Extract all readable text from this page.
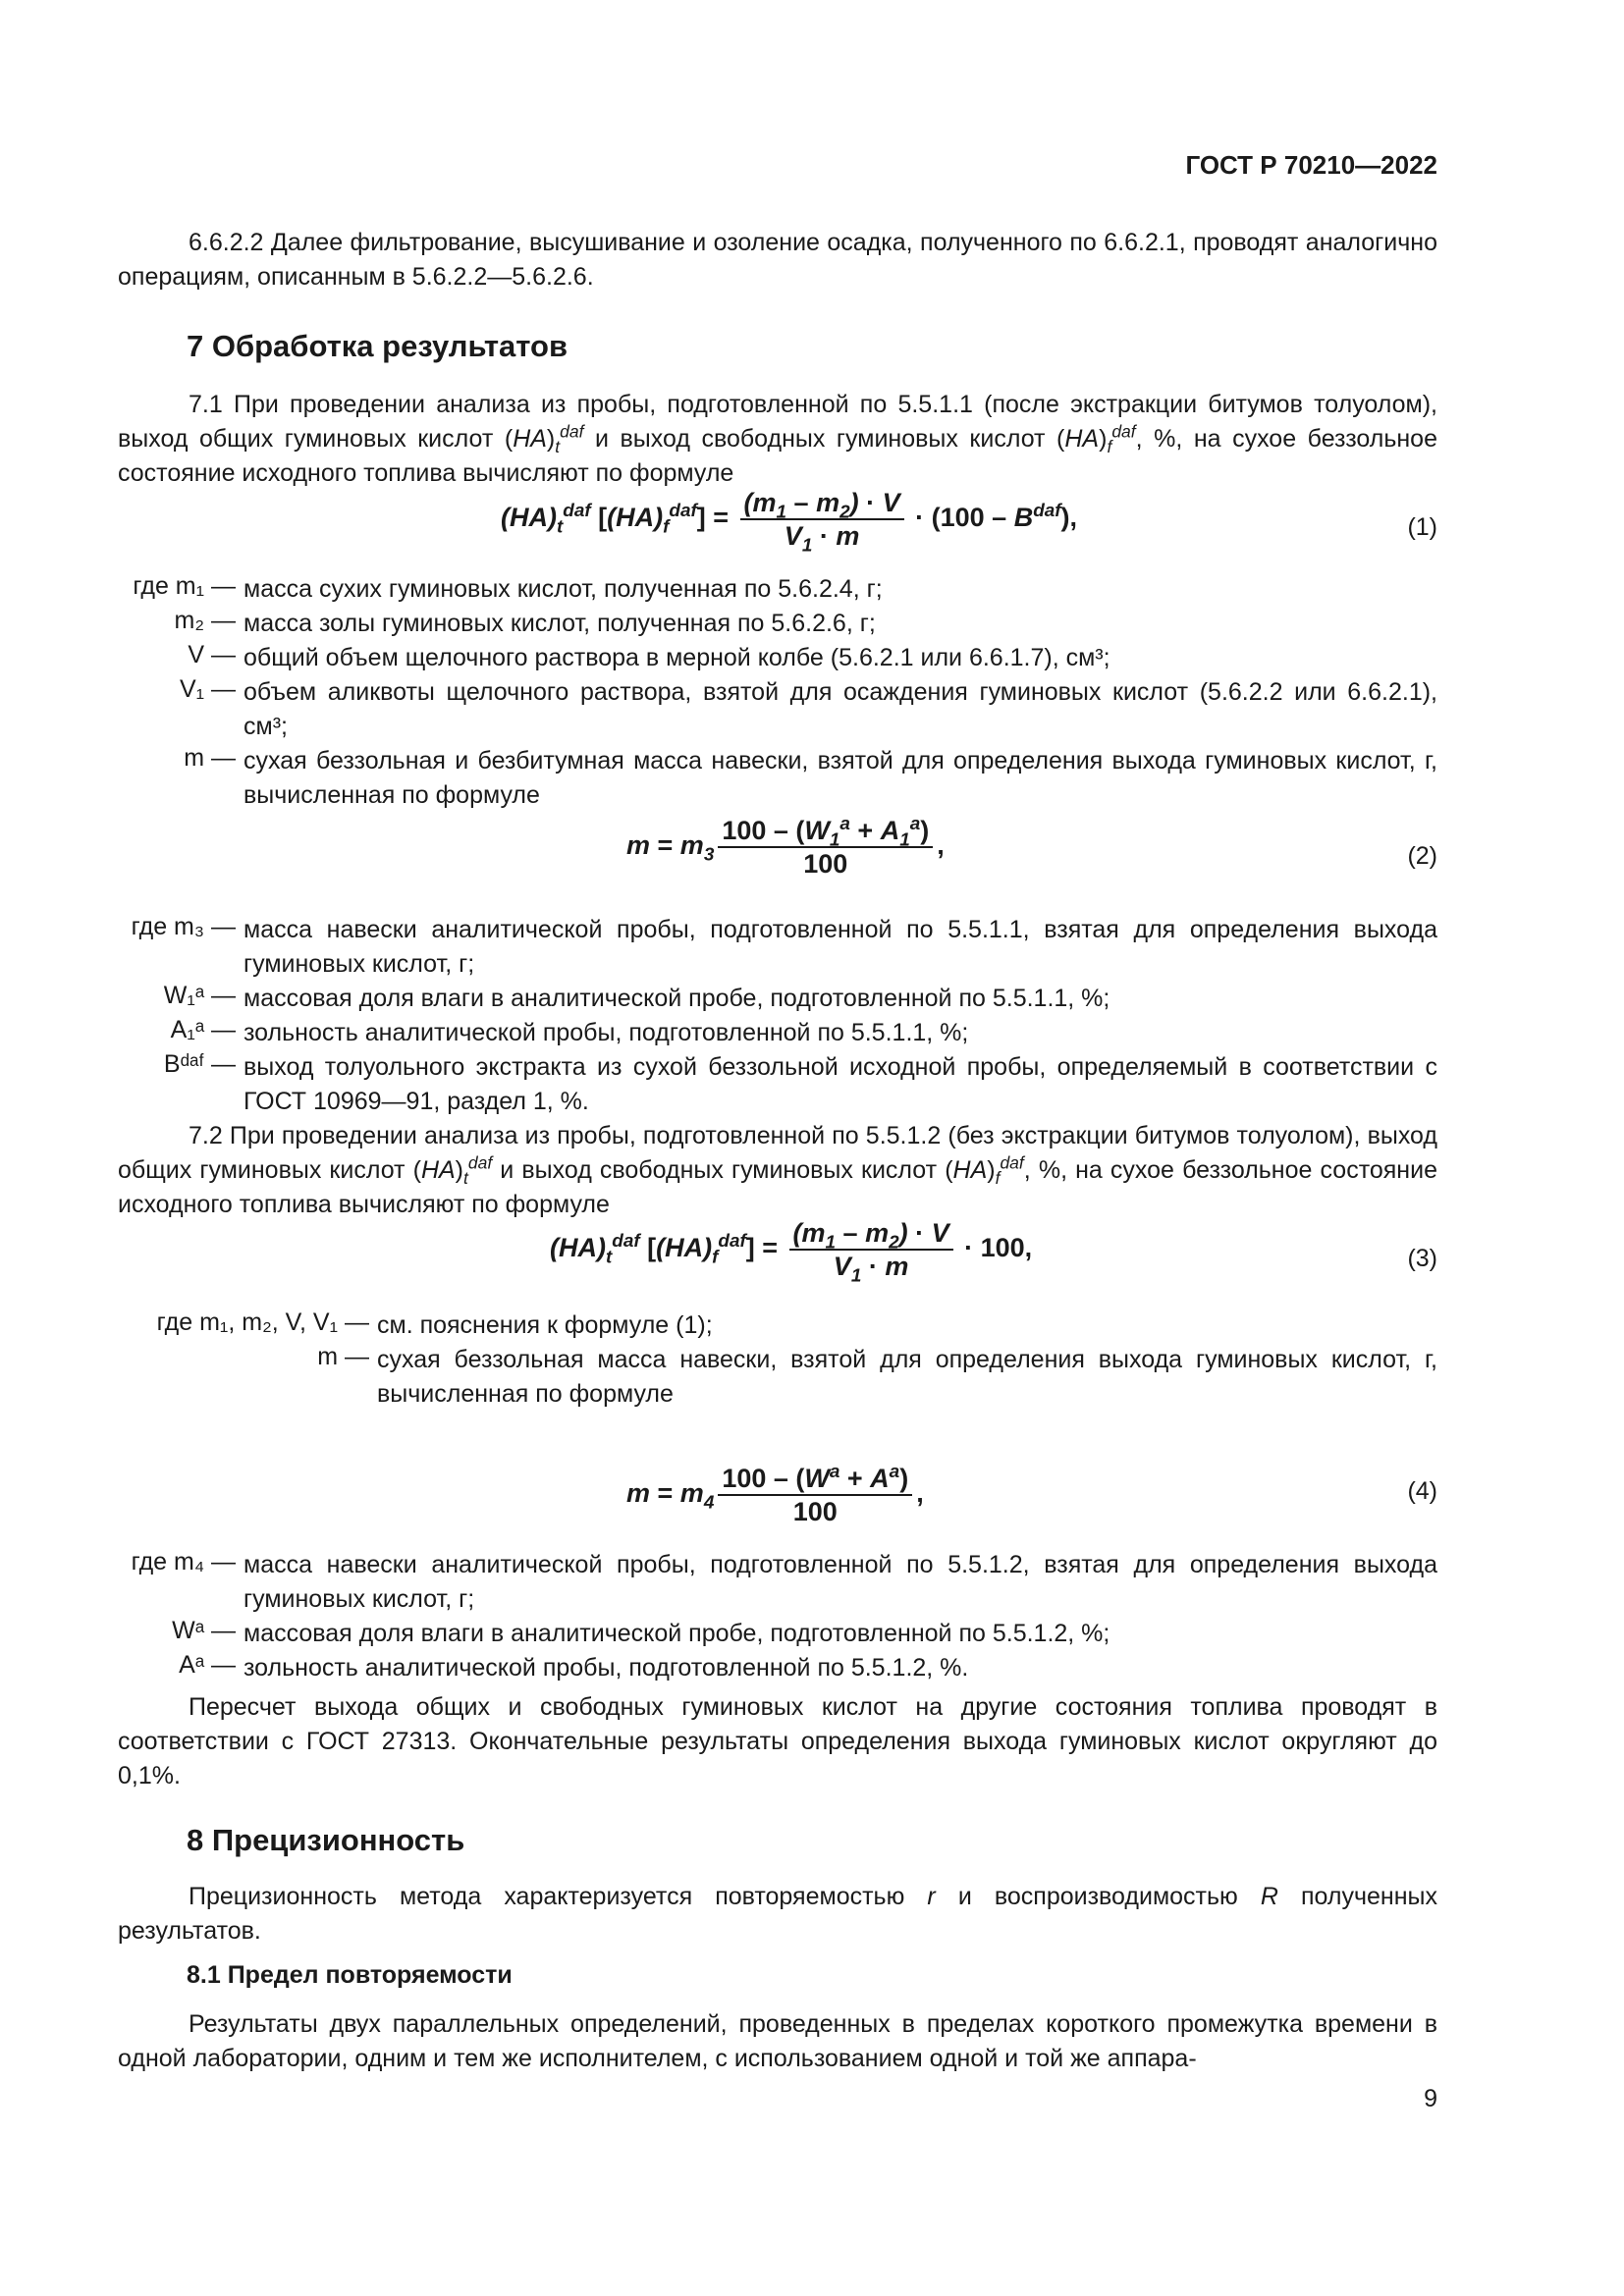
ГОСТ Р 70210—2022
6.6.2.2 Далее фильтрование, высушивание и озоление осадка, полученного по 6.6.2.1, проводят аналогично операциям, описанным в 5.6.2.2—5.6.2.6.
7 Обработка результатов
7.1 При проведении анализа из пробы, подготовленной по 5.5.1.1 (после экстракции битумов толуолом), выход общих гуминовых кислот $(HA)_t^{daf}$ и выход свободных гуминовых кислот $(HA)_f^{daf}$, %, на сухое беззольное состояние исходного топлива вычисляют по формуле
$(HA)_t^{daf}$ $[(HA)_f^{daf}] = \frac{(m_1 - m_2) \cdot V}{V_1 \cdot m} \cdot (100 - B^{daf})$,	(1)
где m₁ — масса сухих гуминовых кислот, полученная по 5.6.2.4, г;
m₂ — масса золы гуминовых кислот, полученная по 5.6.2.6, г;
V — общий объем щелочного раствора в мерной колбе (5.6.2.1 или 6.6.1.7), см³;
V₁ — объем аликвоты щелочного раствора, взятой для осаждения гуминовых кислот (5.6.2.2 или 6.6.2.1), см³;
m — сухая беззольная и безбитумная масса навески, взятой для определения выхода гуминовых кислот, г, вычисленная по формуле
$m = m_3 \frac{100 - (W_1^a + A_1^a)}{100}$ ,	(2)
где m₃ — масса навески аналитической пробы, подготовленной по 5.5.1.1, взятая для определения выхода гуминовых кислот, г;
W₁ᵃ — массовая доля влаги в аналитической пробе, подготовленной по 5.5.1.1, %;
A₁ᵃ — зольность аналитической пробы, подготовленной по 5.5.1.1, %;
Bᵈᵃᶠ — выход толуольного экстракта из сухой беззольной исходной пробы, определяемый в соответствии с ГОСТ 10969—91, раздел 1, %.
7.2 При проведении анализа из пробы, подготовленной по 5.5.1.2 (без экстракции битумов толуолом), выход общих гуминовых кислот $(HA)_t^{daf}$ и выход свободных гуминовых кислот $(HA)_f^{daf}$, %, на сухое беззольное состояние исходного топлива вычисляют по формуле
$(HA)_t^{daf}$ $[(HA)_f^{daf}] = \frac{(m_1 - m_2) \cdot V}{V_1 \cdot m} \cdot 100$,	(3)
где m₁, m₂, V, V₁ — см. пояснения к формуле (1);
m — сухая беззольная масса навески, взятой для определения выхода гуминовых кислот, г, вычисленная по формуле
$m = m_4 \frac{100 - (W^a + A^a)}{100}$ ,	(4)
где m₄ — масса навески аналитической пробы, подготовленной по 5.5.1.2, взятая для определения выхода гуминовых кислот, г;
Wᵃ — массовая доля влаги в аналитической пробе, подготовленной по 5.5.1.2, %;
Aᵃ — зольность аналитической пробы, подготовленной по 5.5.1.2, %.
Пересчет выхода общих и свободных гуминовых кислот на другие состояния топлива проводят в соответствии с ГОСТ 27313. Окончательные результаты определения выхода гуминовых кислот округляют до 0,1%.
8 Прецизионность
Прецизионность метода характеризуется повторяемостью r и воспроизводимостью R полученных результатов.
8.1 Предел повторяемости
Результаты двух параллельных определений, проведенных в пределах короткого промежутка времени в одной лаборатории, одним и тем же исполнителем, с использованием одной и той же аппара-
9
